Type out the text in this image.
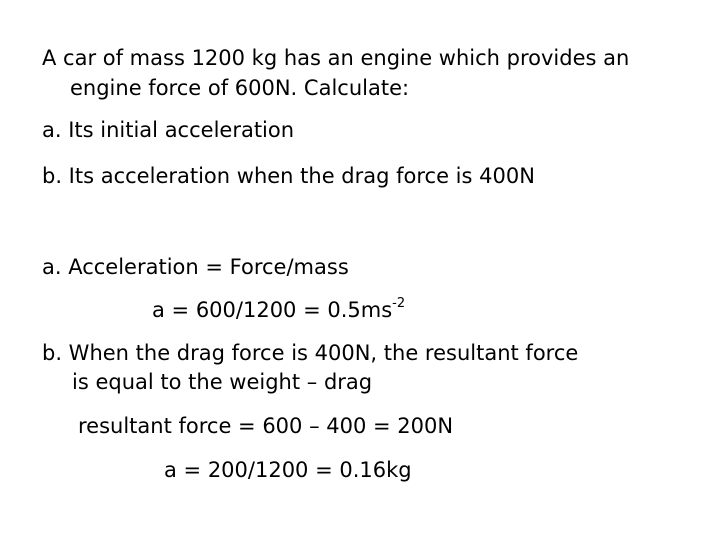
A car of mass 1200 kg has an engine which provides an
engine force of 600N. Calculate:
a. Its initial acceleration
b. Its acceleration when the drag force is 400N
a. Acceleration = Force/mass
$a = 600/1200 = 0.5ms^{-2}$
b. When the drag force is 400N, the resultant force
is equal to the weight – drag
resultant force = 600 – 400 = 200N
a = 200/1200 = 0.16kg
